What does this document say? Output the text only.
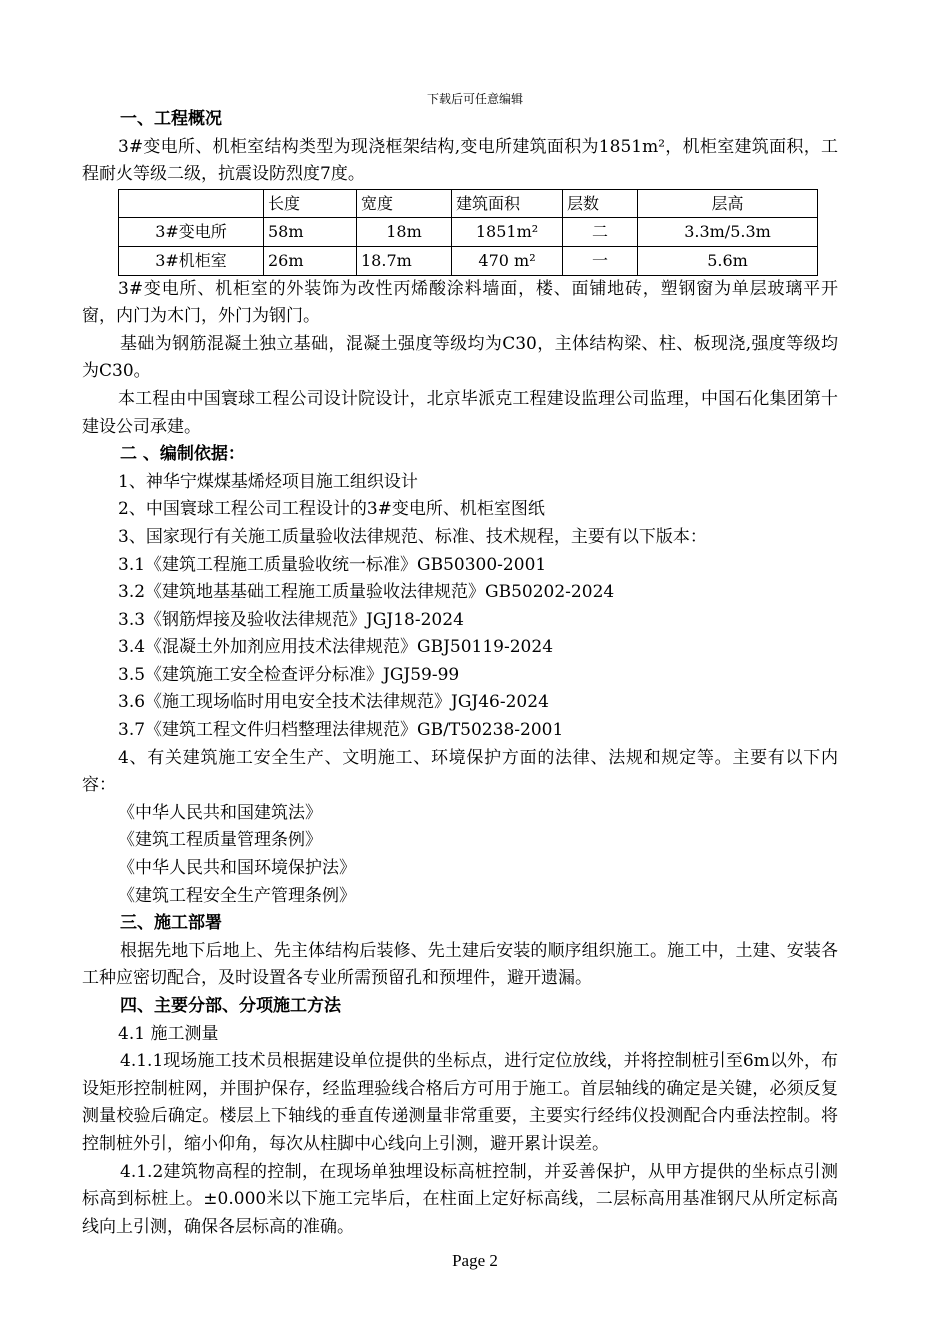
下载后可任意编辑

一、工程概况

3#变电所、机柜室结构类型为现浇框架结构,变电所建筑面积为1851m²，机柜室建筑面积，工程耐火等级二级，抗震设防烈度7度。

	长度	宽度	建筑面积	层数	层高
3#变电所	58m	18m	1851m²	二	3.3m/5.3m
3#机柜室	26m	18.7m	470 m²	一	5.6m

3#变电所、机柜室的外装饰为改性丙烯酸涂料墙面，楼、面铺地砖，塑钢窗为单层玻璃平开窗，内门为木门，外门为钢门。

基础为钢筋混凝土独立基础，混凝土强度等级均为C30，主体结构梁、柱、板现浇,强度等级均为C30。

本工程由中国寰球工程公司设计院设计，北京毕派克工程建设监理公司监理，中国石化集团第十建设公司承建。

二 、编制依据：

1、神华宁煤煤基烯烃项目施工组织设计

2、中国寰球工程公司工程设计的3#变电所、机柜室图纸

3、国家现行有关施工质量验收法律规范、标准、技术规程，主要有以下版本：

3.1《建筑工程施工质量验收统一标准》GB50300-2001

3.2《建筑地基基础工程施工质量验收法律规范》GB50202-2024

3.3《钢筋焊接及验收法律规范》JGJ18-2024

3.4《混凝土外加剂应用技术法律规范》GBJ50119-2024

3.5《建筑施工安全检查评分标准》JGJ59-99

3.6《施工现场临时用电安全技术法律规范》JGJ46-2024

3.7《建筑工程文件归档整理法律规范》GB/T50238-2001

4、有关建筑施工安全生产、文明施工、环境保护方面的法律、法规和规定等。主要有以下内容：

《中华人民共和国建筑法》

《建筑工程质量管理条例》

《中华人民共和国环境保护法》

《建筑工程安全生产管理条例》

三、施工部署

根据先地下后地上、先主体结构后装修、先土建后安装的顺序组织施工。施工中，土建、安装各工种应密切配合，及时设置各专业所需预留孔和预埋件，避开遗漏。

四、主要分部、分项施工方法

4.1 施工测量

4.1.1现场施工技术员根据建设单位提供的坐标点，进行定位放线，并将控制桩引至6m以外，布设矩形控制桩网，并围护保存，经监理验线合格后方可用于施工。首层轴线的确定是关键，必须反复测量校验后确定。楼层上下轴线的垂直传递测量非常重要，主要实行经纬仪投测配合内垂法控制。将控制桩外引，缩小仰角，每次从柱脚中心线向上引测，避开累计误差。

4.1.2建筑物高程的控制，在现场单独埋设标高桩控制，并妥善保护，从甲方提供的坐标点引测标高到标桩上。±0.000米以下施工完毕后，在柱面上定好标高线，二层标高用基准钢尺从所定标高线向上引测，确保各层标高的准确。

Page 2
